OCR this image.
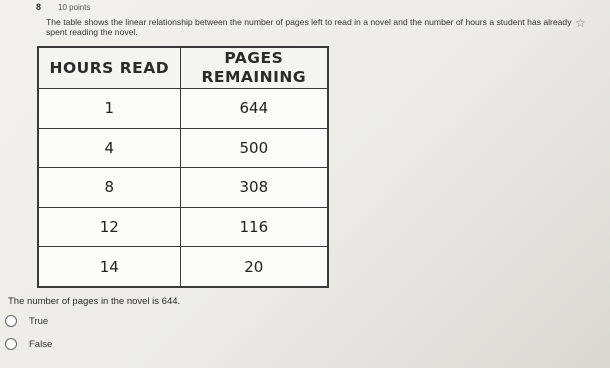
8 10 points
☆
The table shows the linear relationship between the number of pages left to read in a novel and the number of hours a student has already spent reading the novel.
HOURS READ	PAGES REMAINING
1	644
4	500
8	308
12	116
14	20
The number of pages in the novel is 644.
True
False
